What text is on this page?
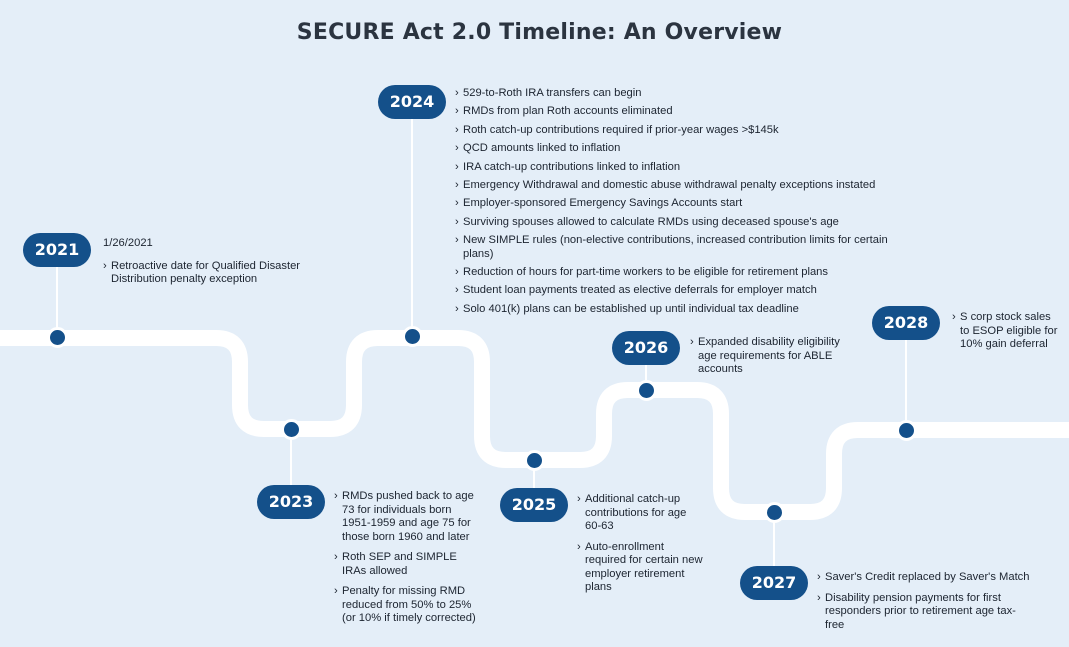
SECURE Act 2.0 Timeline: An Overview
2021
2023
2024
2025
2026
2027
2028
1/26/2021
› Retroactive date for Qualified Disaster Distribution penalty exception
› RMDs pushed back to age 73 for individuals born 1951-1959 and age 75 for those born 1960 and later
› Roth SEP and SIMPLE IRAs allowed
› Penalty for missing RMD reduced from 50% to 25% (or 10% if timely corrected)
› 529-to-Roth IRA transfers can begin
› RMDs from plan Roth accounts eliminated
› Roth catch-up contributions required if prior-year wages >$145k
› QCD amounts linked to inflation
› IRA catch-up contributions linked to inflation
› Emergency Withdrawal and domestic abuse withdrawal penalty exceptions instated
› Employer-sponsored Emergency Savings Accounts start
› Surviving spouses allowed to calculate RMDs using deceased spouse's age
› New SIMPLE rules (non-elective contributions, increased contribution limits for certain plans)
› Reduction of hours for part-time workers to be eligible for retirement plans
› Student loan payments treated as elective deferrals for employer match
› Solo 401(k) plans can be established up until individual tax deadline
› Additional catch-up contributions for age 60-63
› Auto-enrollment required for certain new employer retirement plans
› Expanded disability eligibility age requirements for ABLE accounts
› Saver's Credit replaced by Saver's Match
› Disability pension payments for first responders prior to retirement age tax-free
› S corp stock sales to ESOP eligible for 10% gain deferral
